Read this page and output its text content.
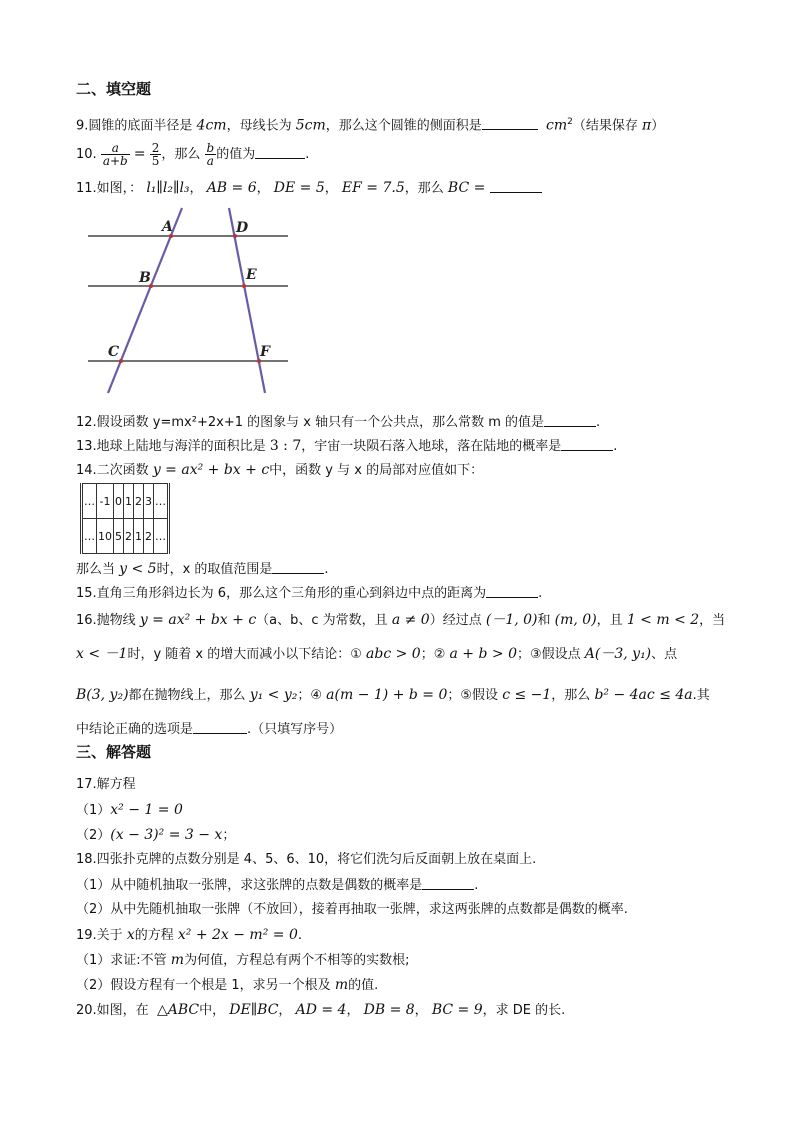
二、填空题
9.圆锥的底面半径是 4cm，母线长为 5cm，那么这个圆锥的侧面积是	$cm^2$（结果保存 π）
10. $\frac{a}{a+b} = \frac{2}{5}$ ，那么 $\frac{b}{a}$ 的值为	.
11.如图，： l₁∥l₂∥l₃， AB = 6， DE = 5， EF = 7.5，那么 BC =
A	D
B	E
C	F
12.假设函数 y=mx²+2x+1 的图象与 x 轴只有一个公共点，那么常数 m 的值是	.
13.地球上陆地与海洋的面积比是 3 : 7，宇宙一块陨石落入地球，落在陆地的概率是	.
14.二次函数 y = ax² + bx + c中，函数 y 与 x 的局部对应值如下：
…	-1	0	1	2	3	…
…	10	5	2	1	2	…
那么当 y < 5时，x 的取值范围是	.
15.直角三角形斜边长为 6，那么这个三角形的重心到斜边中点的距离为	.
16.抛物线 y = ax² + bx + c（a、b、c 为常数，且 a ≠ 0）经过点 (－1, 0)和 (m, 0)，且 1 < m < 2，当
x < －1时，y 随着 x 的增大而减小以下结论：① abc > 0；② a + b > 0；③假设点 A(－3, y₁)、点
B(3, y₂)都在抛物线上，那么 y₁ < y₂；④ a(m − 1) + b = 0；⑤假设 c ≤ −1，那么 b² − 4ac ≤ 4a.其
中结论正确的选项是	.（只填写序号）
三、解答题
17.解方程
（1）x² − 1 = 0
（2）(x − 3)² = 3 − x；
18.四张扑克牌的点数分别是 4、5、6、10，将它们洗匀后反面朝上放在桌面上.
（1）从中随机抽取一张牌，求这张牌的点数是偶数的概率是	.
（2）从中先随机抽取一张牌（不放回），接着再抽取一张牌，求这两张牌的点数都是偶数的概率.
19.关于 x的方程 x² + 2x − m² = 0.
（1）求证:不管 m为何值，方程总有两个不相等的实数根;
（2）假设方程有一个根是 1，求另一个根及 m的值.
20.如图，在  △ABC中， DE∥BC， AD = 4， DB = 8， BC = 9，求 DE 的长.
